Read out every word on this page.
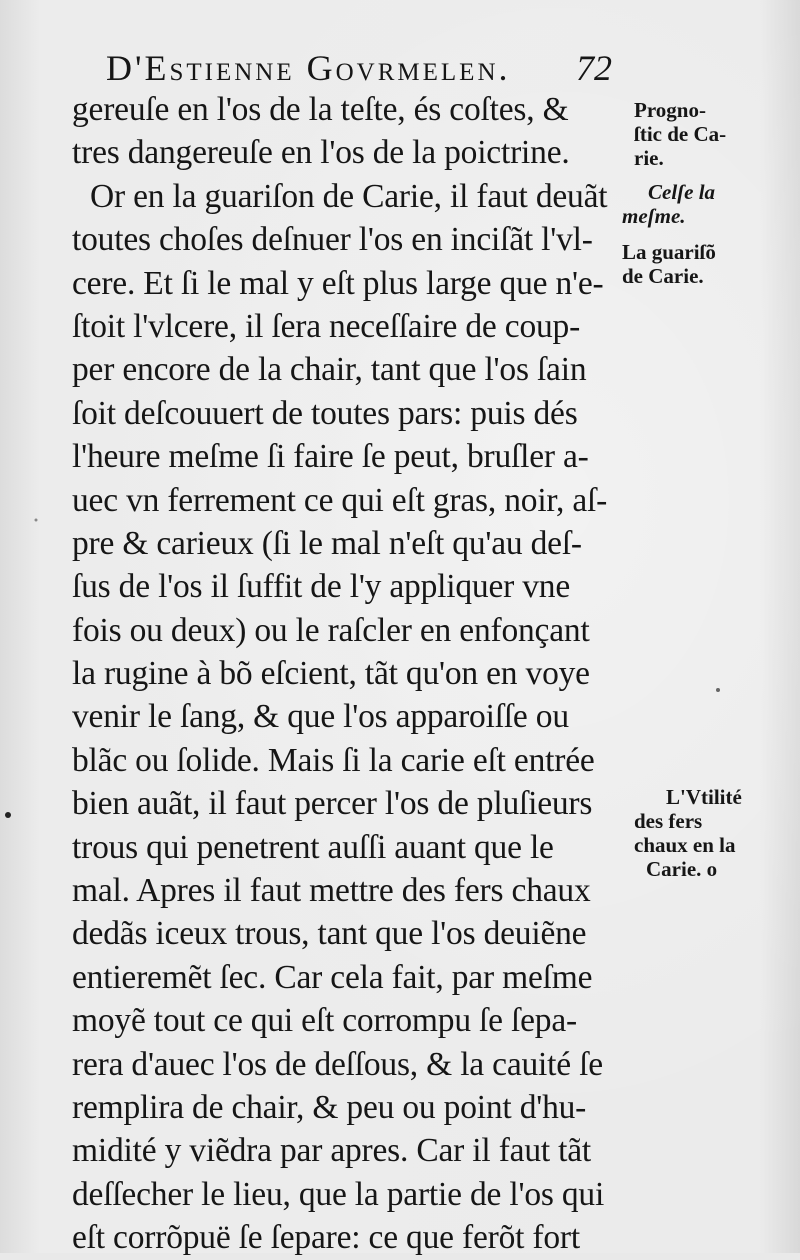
D'Estienne Govrmelen. 72
gereuſe en l'os de la teſte, és coſtes, &
tres dangereuſe en l'os de la poictrine.
Or en la guariſon de Carie, il faut deuãt
toutes choſes deſnuer l'os en inciſãt l'vl-
cere. Et ſi le mal y eſt plus large que n'e-
ſtoit l'vlcere, il ſera neceſſaire de coup-
per encore de la chair, tant que l'os ſain
ſoit deſcouuert de toutes pars: puis dés
l'heure meſme ſi faire ſe peut, bruſler a-
uec vn ferrement ce qui eſt gras, noir, aſ-
pre & carieux (ſi le mal n'eſt qu'au deſ-
ſus de l'os il ſuffit de l'y appliquer vne
fois ou deux) ou le raſcler en enfonçant
la rugine à bõ eſcient, tãt qu'on en voye
venir le ſang, & que l'os apparoiſſe ou
blãc ou ſolide. Mais ſi la carie eſt entrée
bien auãt, il faut percer l'os de pluſieurs
trous qui penetrent auſſi auant que le
mal. Apres il faut mettre des fers chaux
dedãs iceux trous, tant que l'os deuiẽne
entieremẽt ſec. Car cela fait, par meſme
moyẽ tout ce qui eſt corrompu ſe ſepa-
rera d'auec l'os de deſſous, & la cauité ſe
remplira de chair, & peu ou point d'hu-
midité y viẽdra par apres. Car il faut tãt
deſſecher le lieu, que la partie de l'os qui
eſt corrõpuë ſe ſepare: ce que ferõt fort
Progno-
ſtic de Ca-
rie.
Celſe la
meſme.
La guariſõ
de Carie.
L'Vtilité
des fers
chaux en la
Carie. o
